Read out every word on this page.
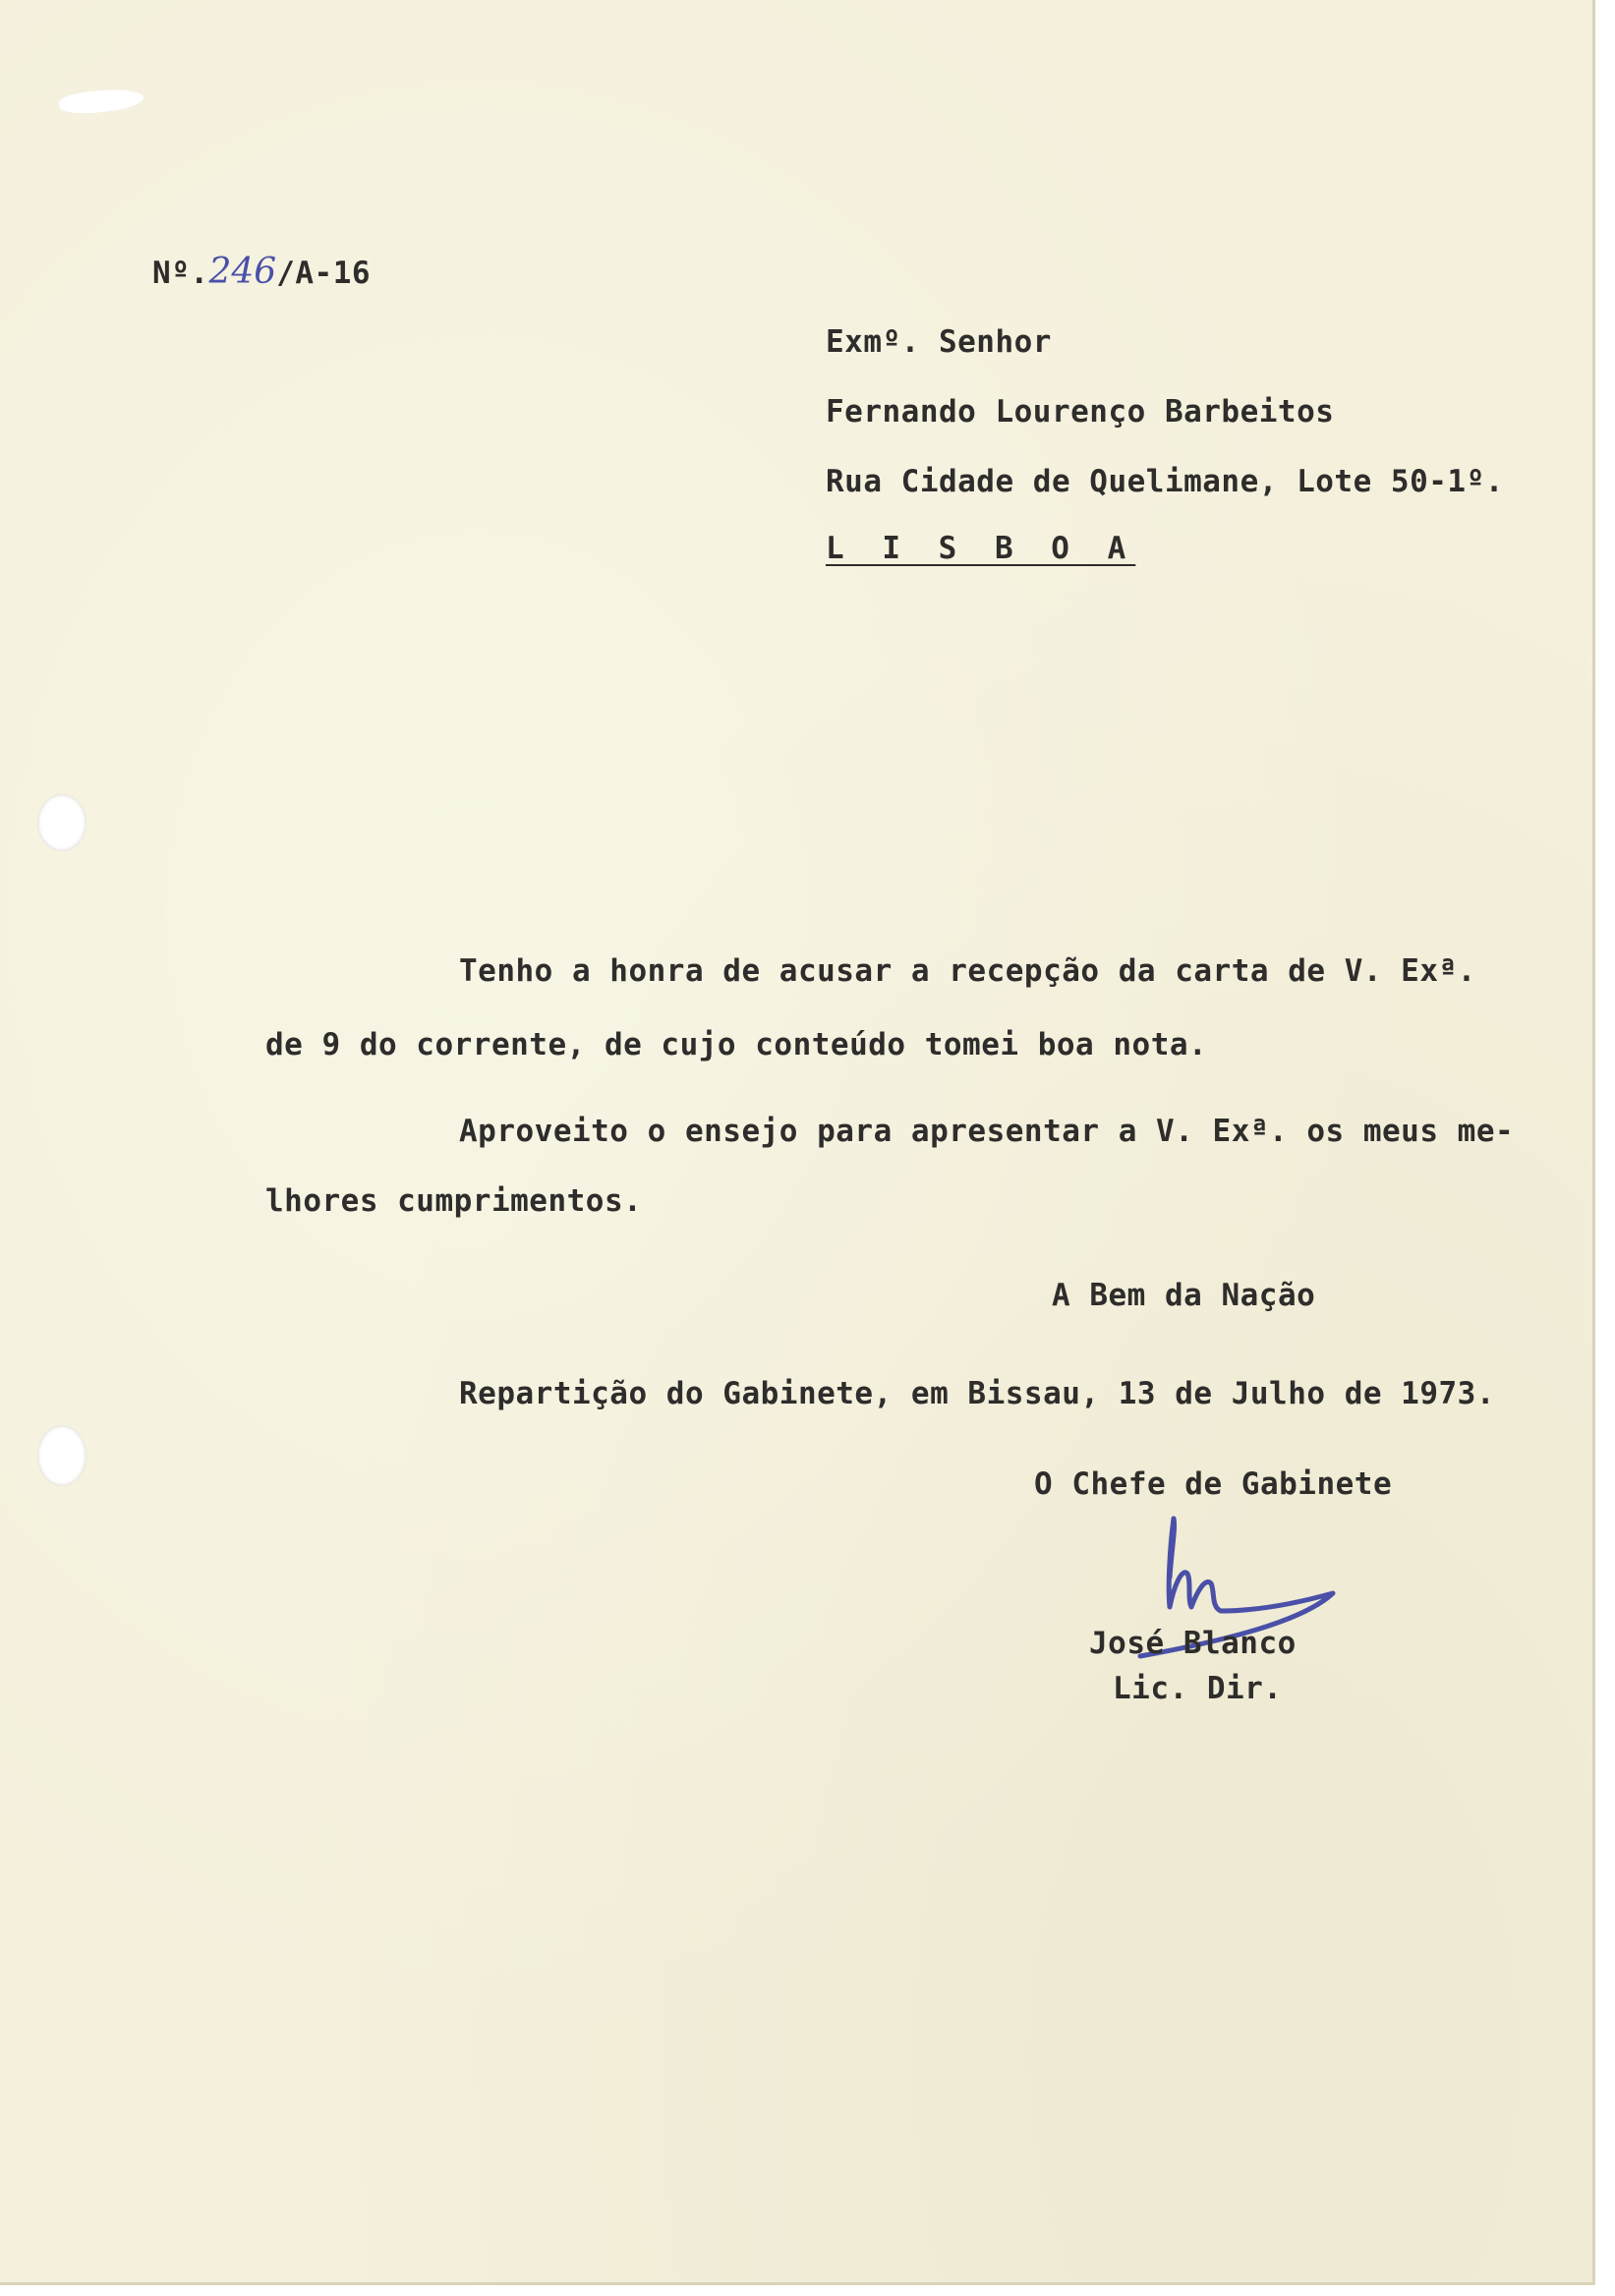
Nº.246/A-16
Exmº. Senhor
Fernando Lourenço Barbeitos
Rua Cidade de Quelimane, Lote 50-1º.
L I S B O A
Tenho a honra de acusar a recepção da carta de V. Exª.
de 9 do corrente, de cujo conteúdo tomei boa nota.
Aproveito o ensejo para apresentar a V. Exª. os meus me-
lhores cumprimentos.
A Bem da Nação
Repartição do Gabinete, em Bissau, 13 de Julho de 1973.
O Chefe de Gabinete
José Blanco
Lic. Dir.
